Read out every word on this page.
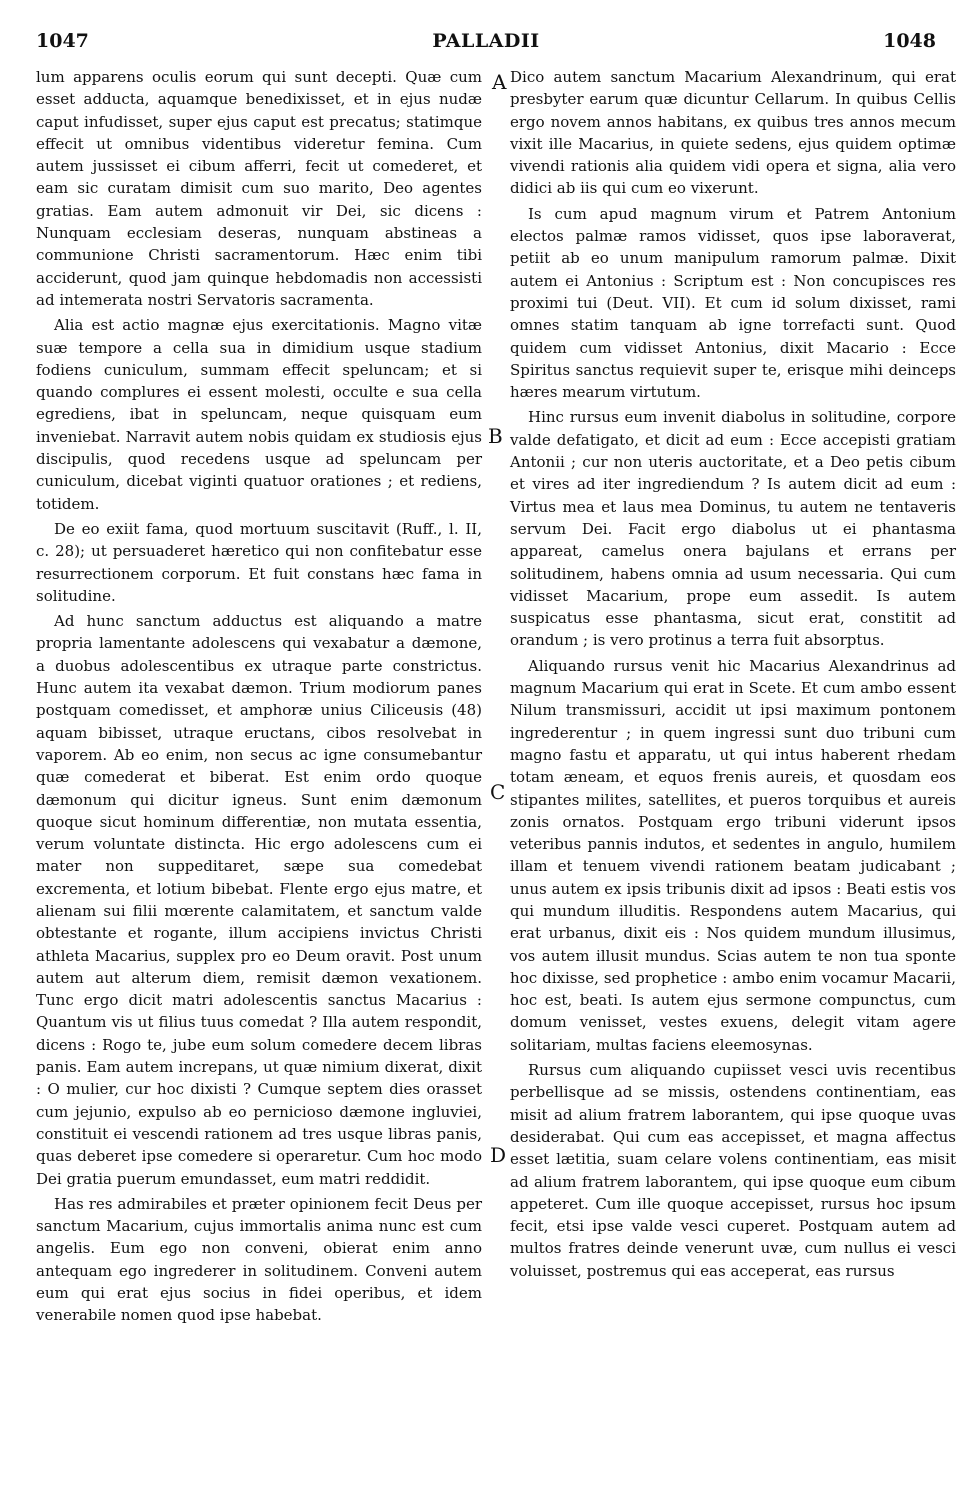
1047	PALLADII	1048

lum apparens oculis eorum qui sunt decepti. Quæ cum esset adducta, aquamque benedixisset, et in ejus nudæ caput infudisset, super ejus caput est precatus; statimque effecit ut omnibus videntibus videretur femina. Cum autem jussisset ei cibum afferri, fecit ut comederet, et eam sic curatam dimisit cum suo marito, Deo agentes gratias. Eam autem admonuit vir Dei, sic dicens : Nunquam ecclesiam deseras, nunquam abstineas a communione Christi sacramentorum. Hæc enim tibi acciderunt, quod jam quinque hebdomadis non accessisti ad intemerata nostri Servatoris sacramenta.

Alia est actio magnæ ejus exercitationis. Magno vitæ suæ tempore a cella sua in dimidium usque stadium fodiens cuniculum, summam effecit speluncam; et si quando complures ei essent molesti, occulte e sua cella egrediens, ibat in speluncam, neque quisquam eum inveniebat. Narravit autem nobis quidam ex studiosis ejus discipulis, quod recedens usque ad speluncam per cuniculum, dicebat viginti quatuor orationes ; et rediens, totidem.

De eo exiit fama, quod mortuum suscitavit (Ruff., l. II, c. 28); ut persuaderet hæretico qui non confitebatur esse resurrectionem corporum. Et fuit constans hæc fama in solitudine.

Ad hunc sanctum adductus est aliquando a matre propria lamentante adolescens qui vexabatur a dæmone, a duobus adolescentibus ex utraque parte constrictus. Hunc autem ita vexabat dæmon. Trium modiorum panes postquam comedisset, et amphoræ unius Ciliceusis (48) aquam bibisset, utraque eructans, cibos resolvebat in vaporem. Ab eo enim, non secus ac igne consumebantur quæ comederat et biberat. Est enim ordo quoque dæmonum qui dicitur igneus. Sunt enim dæmonum quoque sicut hominum differentiæ, non mutata essentia, verum voluntate distincta. Hic ergo adolescens cum ei mater non suppeditaret, sæpe sua comedebat excrementa, et lotium bibebat. Flente ergo ejus matre, et alienam sui filii mœrente calamitatem, et sanctum valde obtestante et rogante, illum accipiens invictus Christi athleta Macarius, supplex pro eo Deum oravit. Post unum autem aut alterum diem, remisit dæmon vexationem. Tunc ergo dicit matri adolescentis sanctus Macarius : Quantum vis ut filius tuus comedat ? Illa autem respondit, dicens : Rogo te, jube eum solum comedere decem libras panis. Eam autem increpans, ut quæ nimium dixerat, dixit : O mulier, cur hoc dixisti ? Cumque septem dies orasset cum jejunio, expulso ab eo pernicioso dæmone ingluviei, constituit ei vescendi rationem ad tres usque libras panis, quas deberet ipse comedere si operaretur. Cum hoc modo Dei gratia puerum emundasset, eum matri reddidit.

Has res admirabiles et præter opinionem fecit Deus per sanctum Macarium, cujus immortalis anima nunc est cum angelis. Eum ego non conveni, obierat enim anno antequam ego ingrederer in solitudinem. Conveni autem eum qui erat ejus socius in fidei operibus, et idem venerabile nomen quod ipse habebat.

A
B
C
D

Dico autem sanctum Macarium Alexandrinum, qui erat presbyter earum quæ dicuntur Cellarum. In quibus Cellis ergo novem annos habitans, ex quibus tres annos mecum vixit ille Macarius, in quiete sedens, ejus quidem optimæ vivendi rationis alia quidem vidi opera et signa, alia vero didici ab iis qui cum eo vixerunt.

Is cum apud magnum virum et Patrem Antonium electos palmæ ramos vidisset, quos ipse laboraverat, petiit ab eo unum manipulum ramorum palmæ. Dixit autem ei Antonius : Scriptum est : Non concupisces res proximi tui (Deut. VII). Et cum id solum dixisset, rami omnes statim tanquam ab igne torrefacti sunt. Quod quidem cum vidisset Antonius, dixit Macario : Ecce Spiritus sanctus requievit super te, erisque mihi deinceps hæres mearum virtutum.

Hinc rursus eum invenit diabolus in solitudine, corpore valde defatigato, et dicit ad eum : Ecce accepisti gratiam Antonii ; cur non uteris auctoritate, et a Deo petis cibum et vires ad iter ingrediendum ? Is autem dicit ad eum : Virtus mea et laus mea Dominus, tu autem ne tentaveris servum Dei. Facit ergo diabolus ut ei phantasma appareat, camelus onera bajulans et errans per solitudinem, habens omnia ad usum necessaria. Qui cum vidisset Macarium, prope eum assedit. Is autem suspicatus esse phantasma, sicut erat, constitit ad orandum ; is vero protinus a terra fuit absorptus.

Aliquando rursus venit hic Macarius Alexandrinus ad magnum Macarium qui erat in Scete. Et cum ambo essent Nilum transmissuri, accidit ut ipsi maximum pontonem ingrederentur ; in quem ingressi sunt duo tribuni cum magno fastu et apparatu, ut qui intus haberent rhedam totam æneam, et equos frenis aureis, et quosdam eos stipantes milites, satellites, et pueros torquibus et aureis zonis ornatos. Postquam ergo tribuni viderunt ipsos veteribus pannis indutos, et sedentes in angulo, humilem illam et tenuem vivendi rationem beatam judicabant ; unus autem ex ipsis tribunis dixit ad ipsos : Beati estis vos qui mundum illuditis. Respondens autem Macarius, qui erat urbanus, dixit eis : Nos quidem mundum illusimus, vos autem illusit mundus. Scias autem te non tua sponte hoc dixisse, sed prophetice : ambo enim vocamur Macarii, hoc est, beati. Is autem ejus sermone compunctus, cum domum venisset, vestes exuens, delegit vitam agere solitariam, multas faciens eleemosynas.

Rursus cum aliquando cupiisset vesci uvis recentibus perbellisque ad se missis, ostendens continentiam, eas misit ad alium fratrem laborantem, qui ipse quoque uvas desiderabat. Qui cum eas accepisset, et magna affectus esset lætitia, suam celare volens continentiam, eas misit ad alium fratrem laborantem, qui ipse quoque eum cibum appeteret. Cum ille quoque accepisset, rursus hoc ipsum fecit, etsi ipse valde vesci cuperet. Postquam autem ad multos fratres deinde venerunt uvæ, cum nullus ei vesci voluisset, postremus qui eas acceperat, eas rursus
